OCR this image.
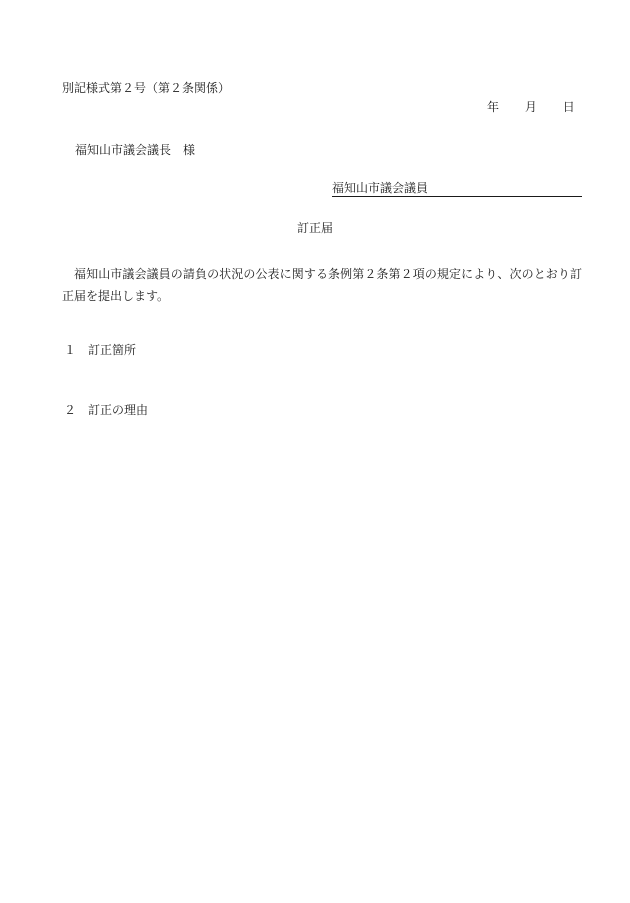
別記様式第２号（第２条関係）
年 月 日
福知山市議会議長　様
福知山市議会議員
訂正届
福知山市議会議員の請負の状況の公表に関する条例第２条第２項の規定により、次のとおり訂正届を提出します。
１ 訂正箇所
２ 訂正の理由
